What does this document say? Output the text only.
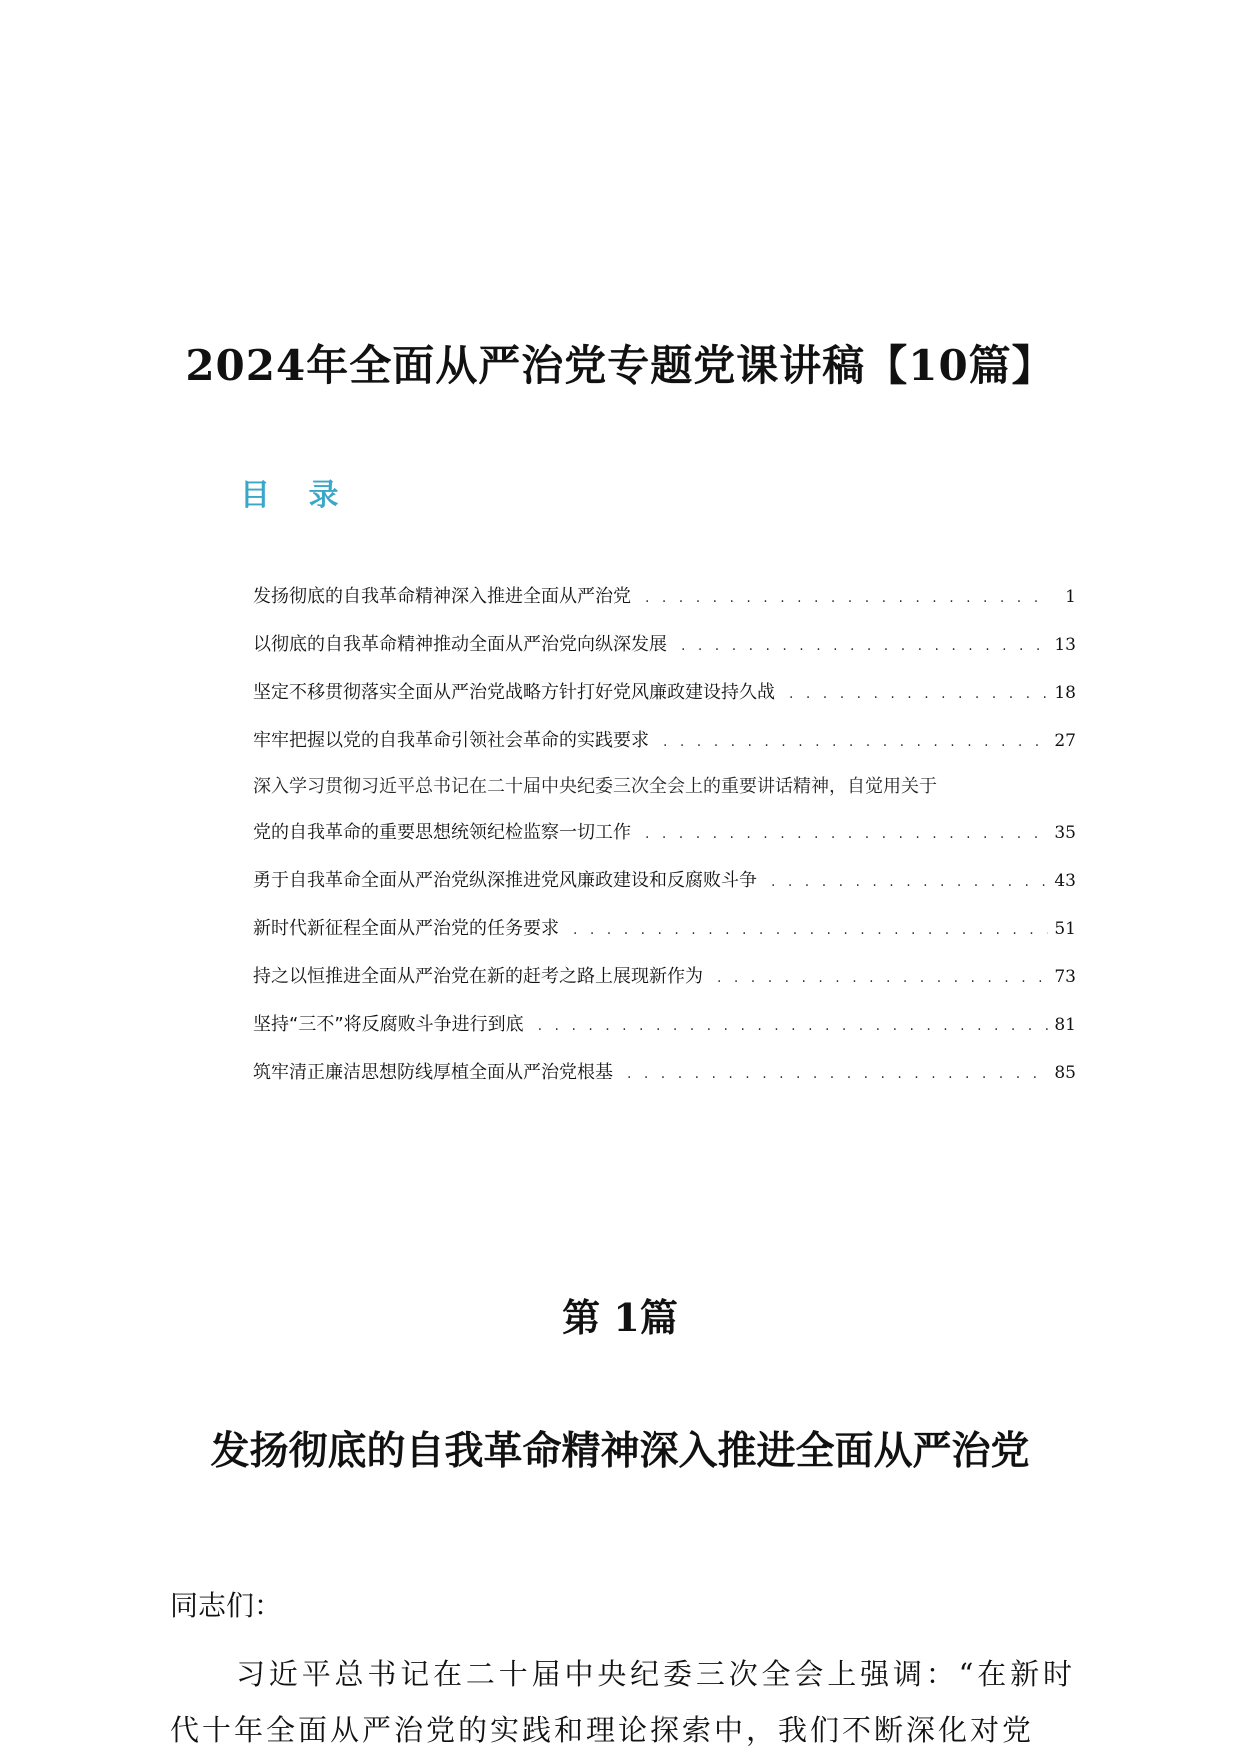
2024年全面从严治党专题党课讲稿【10篇】
目 录
发扬彻底的自我革命精神深入推进全面从严治党 . . .	1
以彻底的自我革命精神推动全面从严治党向纵深发展 . . .	13
坚定不移贯彻落实全面从严治党战略方针打好党风廉政建设持久战 . . .	18
牢牢把握以党的自我革命引领社会革命的实践要求 . . .	27
深入学习贯彻习近平总书记在二十届中央纪委三次全会上的重要讲话精神，自觉用关于
党的自我革命的重要思想统领纪检监察一切工作 . . .	35
勇于自我革命全面从严治党纵深推进党风廉政建设和反腐败斗争 . . .	43
新时代新征程全面从严治党的任务要求 . . .	51
持之以恒推进全面从严治党在新的赶考之路上展现新作为 . . .	73
坚持“三不”将反腐败斗争进行到底 . . .	81
筑牢清正廉洁思想防线厚植全面从严治党根基 . . .	85
第 1篇
发扬彻底的自我革命精神深入推进全面从严治党

同志们：

习近平总书记在二十届中央纪委三次全会上强调：“在新时代十年全面从严治党的实践和理论探索中，我们不断深化对党
